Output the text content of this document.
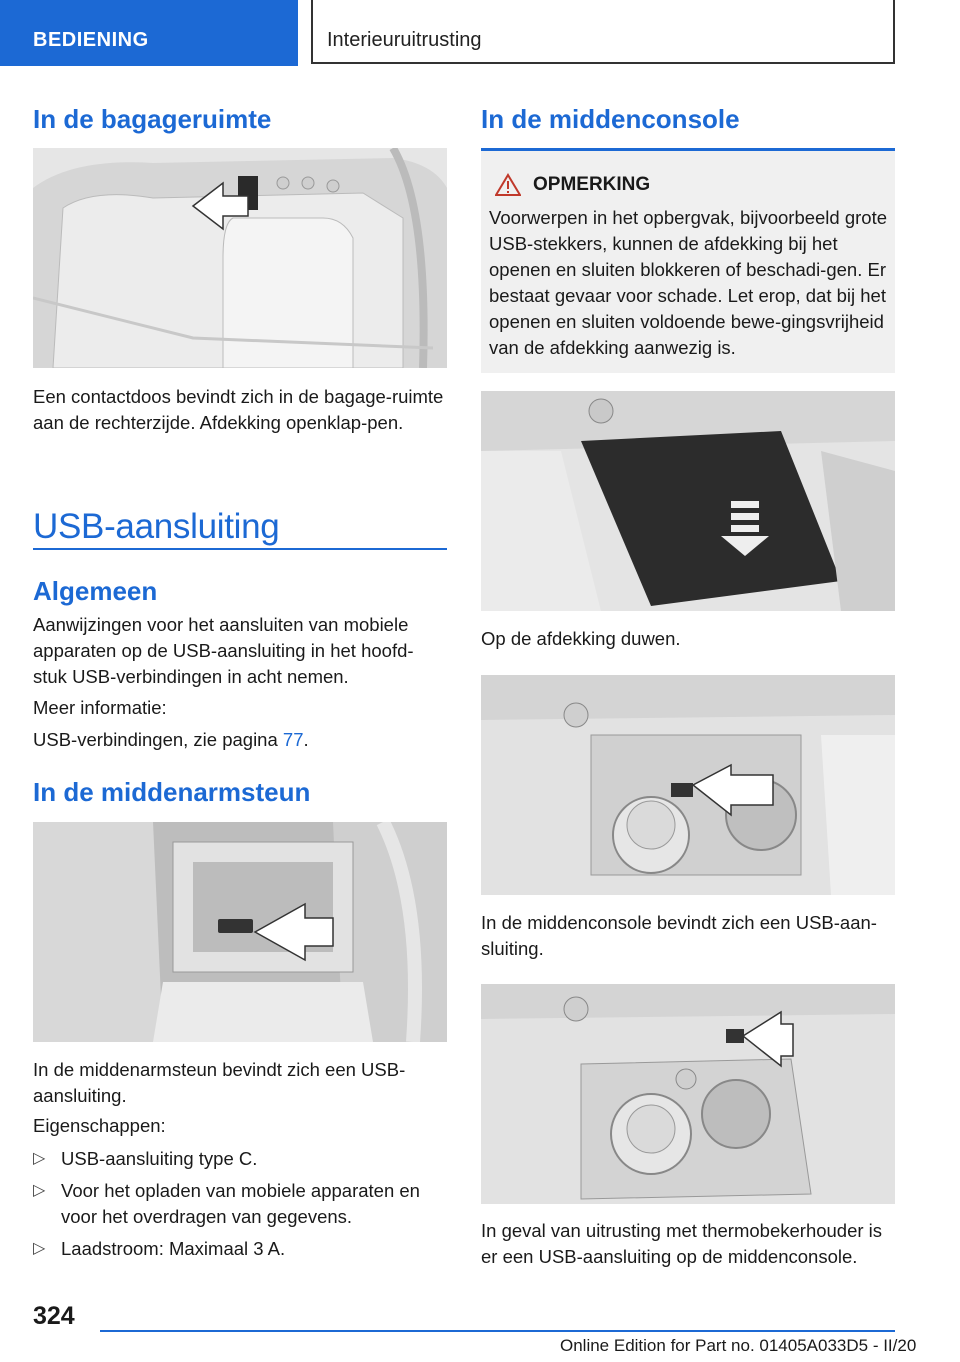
BEDIENING	Interieuruitrusting
In de bagageruimte

Een contactdoos bevindt zich in de bagage-ruimte aan de rechterzijde. Afdekking openklap-pen.

USB-aansluiting
Algemeen

Aanwijzingen voor het aansluiten van mobiele apparaten op de USB-aansluiting in het hoofd-stuk USB-verbindingen in acht nemen.

Meer informatie:

USB-verbindingen, zie pagina 77.

In de middenarmsteun

In de middenarmsteun bevindt zich een USB-aansluiting.

Eigenschappen:

▷ USB-aansluiting type C.
▷ Voor het opladen van mobiele apparaten en voor het overdragen van gegevens.
▷ Laadstroom: Maximaal 3 A.
In de middenconsole
OPMERKING

Voorwerpen in het opbergvak, bijvoorbeeld grote USB-stekkers, kunnen de afdekking bij het openen en sluiten blokkeren of beschadi-gen. Er bestaat gevaar voor schade. Let erop, dat bij het openen en sluiten voldoende bewe-gingsvrijheid van de afdekking aanwezig is.

Op de afdekking duwen.

In de middenconsole bevindt zich een USB-aan-sluiting.

In geval van uitrusting met thermobekerhouder is er een USB-aansluiting op de middenconsole.

324
Online Edition for Part no. 01405A033D5 - II/20
